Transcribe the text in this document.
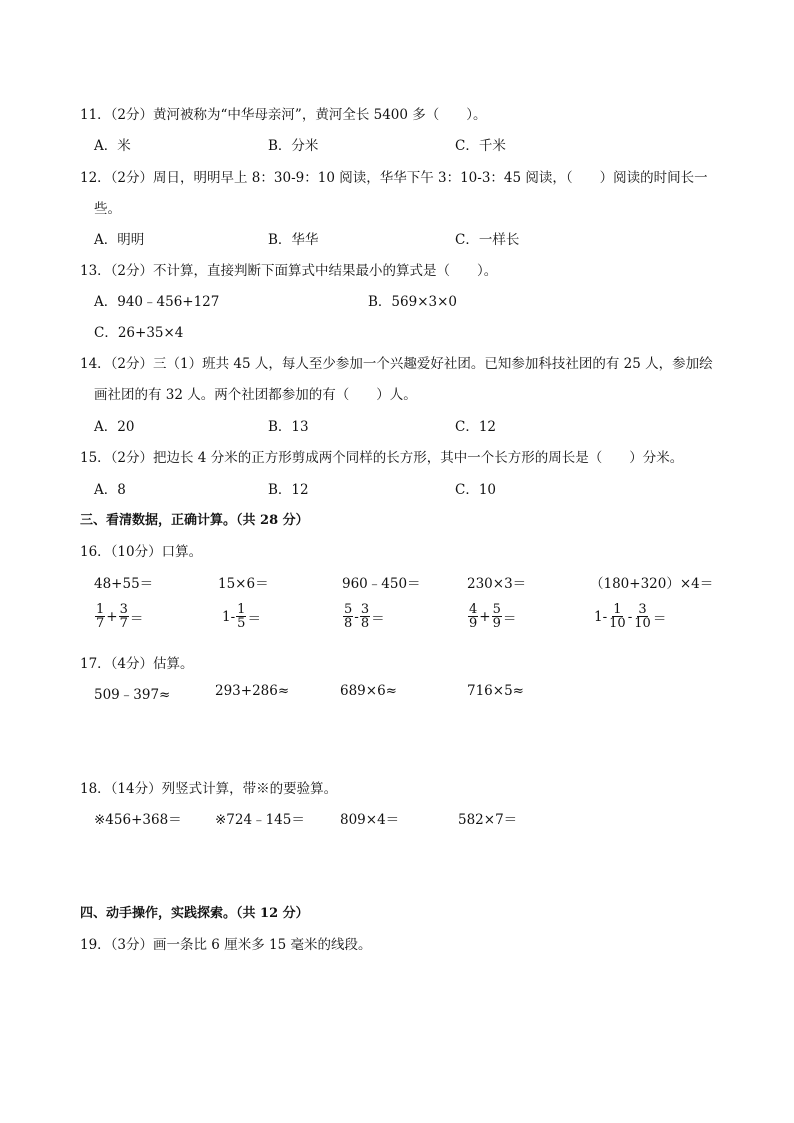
11．（2分）黄河被称为“中华母亲河”，黄河全长 5400 多（　　）。
A．米	B．分米	C．千米
12．（2分）周日，明明早上 8：30-9：10 阅读，华华下午 3：10-3：45 阅读，（　　）阅读的时间长一
些。
A．明明	B．华华	C．一样长
13．（2分）不计算，直接判断下面算式中结果最小的算式是（　　）。
A．940﹣456+127	B．569×3×0
C．26+35×4
14．（2分）三（1）班共 45 人，每人至少参加一个兴趣爱好社团。已知参加科技社团的有 25 人，参加绘
画社团的有 32 人。两个社团都参加的有（　　）人。
A．20	B．13	C．12
15．（2分）把边长 4 分米的正方形剪成两个同样的长方形，其中一个长方形的周长是（　　）分米。
A．8	B．12	C．10
三、看清数据，正确计算。（共 28 分）
16．（10分）口算。
48+55＝	15×6＝	960﹣450＝	230×3＝	（180+320）×4＝
$\frac{1}{7} + \frac{3}{7}$ ＝	$1- \frac{1}{5}$ ＝	$\frac{5}{8} - \frac{3}{8}$ ＝	$\frac{4}{9} + \frac{5}{9}$ ＝	$1- \frac{1}{10} - \frac{3}{10}$ ＝
17．（4分）估算。
509﹣397≈	293+286≈	689×6≈	716×5≈
18．（14分）列竖式计算，带※的要验算。
※456+368＝ ※724﹣145＝	809×4＝	582×7＝
四、动手操作，实践探索。（共 12 分）
19．（3分）画一条比 6 厘米多 15 毫米的线段。
